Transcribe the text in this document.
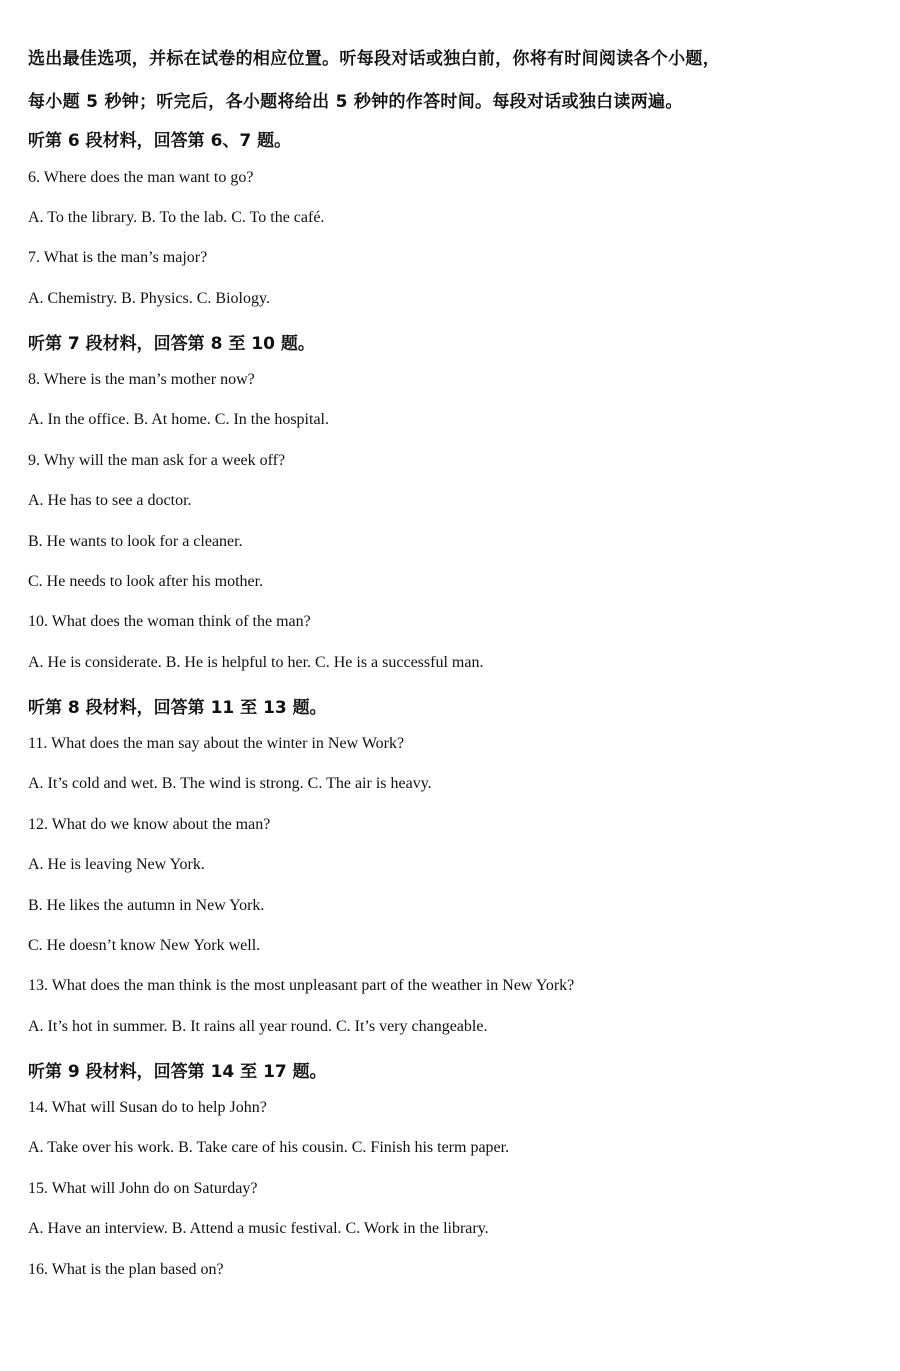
选出最佳选项，并标在试卷的相应位置。听每段对话或独白前，你将有时间阅读各个小题，
每小题 5 秒钟；听完后，各小题将给出 5 秒钟的作答时间。每段对话或独白读两遍。
听第 6 段材料，回答第 6、7 题。
6. Where does the man want to go?
A. To the library. B. To the lab. C. To the café.
7. What is the man’s major?
A. Chemistry. B. Physics. C. Biology.
听第 7 段材料，回答第 8 至 10 题。
8. Where is the man’s mother now?
A. In the office. B. At home. C. In the hospital.
9. Why will the man ask for a week off?
A. He has to see a doctor.
B. He wants to look for a cleaner.
C. He needs to look after his mother.
10. What does the woman think of the man?
A. He is considerate. B. He is helpful to her. C. He is a successful man.
听第 8 段材料，回答第 11 至 13 题。
11. What does the man say about the winter in New Work?
A. It’s cold and wet. B. The wind is strong. C. The air is heavy.
12. What do we know about the man?
A. He is leaving New York.
B. He likes the autumn in New York.
C. He doesn’t know New York well.
13. What does the man think is the most unpleasant part of the weather in New York?
A. It’s hot in summer. B. It rains all year round. C. It’s very changeable.
听第 9 段材料，回答第 14 至 17 题。
14. What will Susan do to help John?
A. Take over his work. B. Take care of his cousin. C. Finish his term paper.
15. What will John do on Saturday?
A. Have an interview. B. Attend a music festival. C. Work in the library.
16. What is the plan based on?
